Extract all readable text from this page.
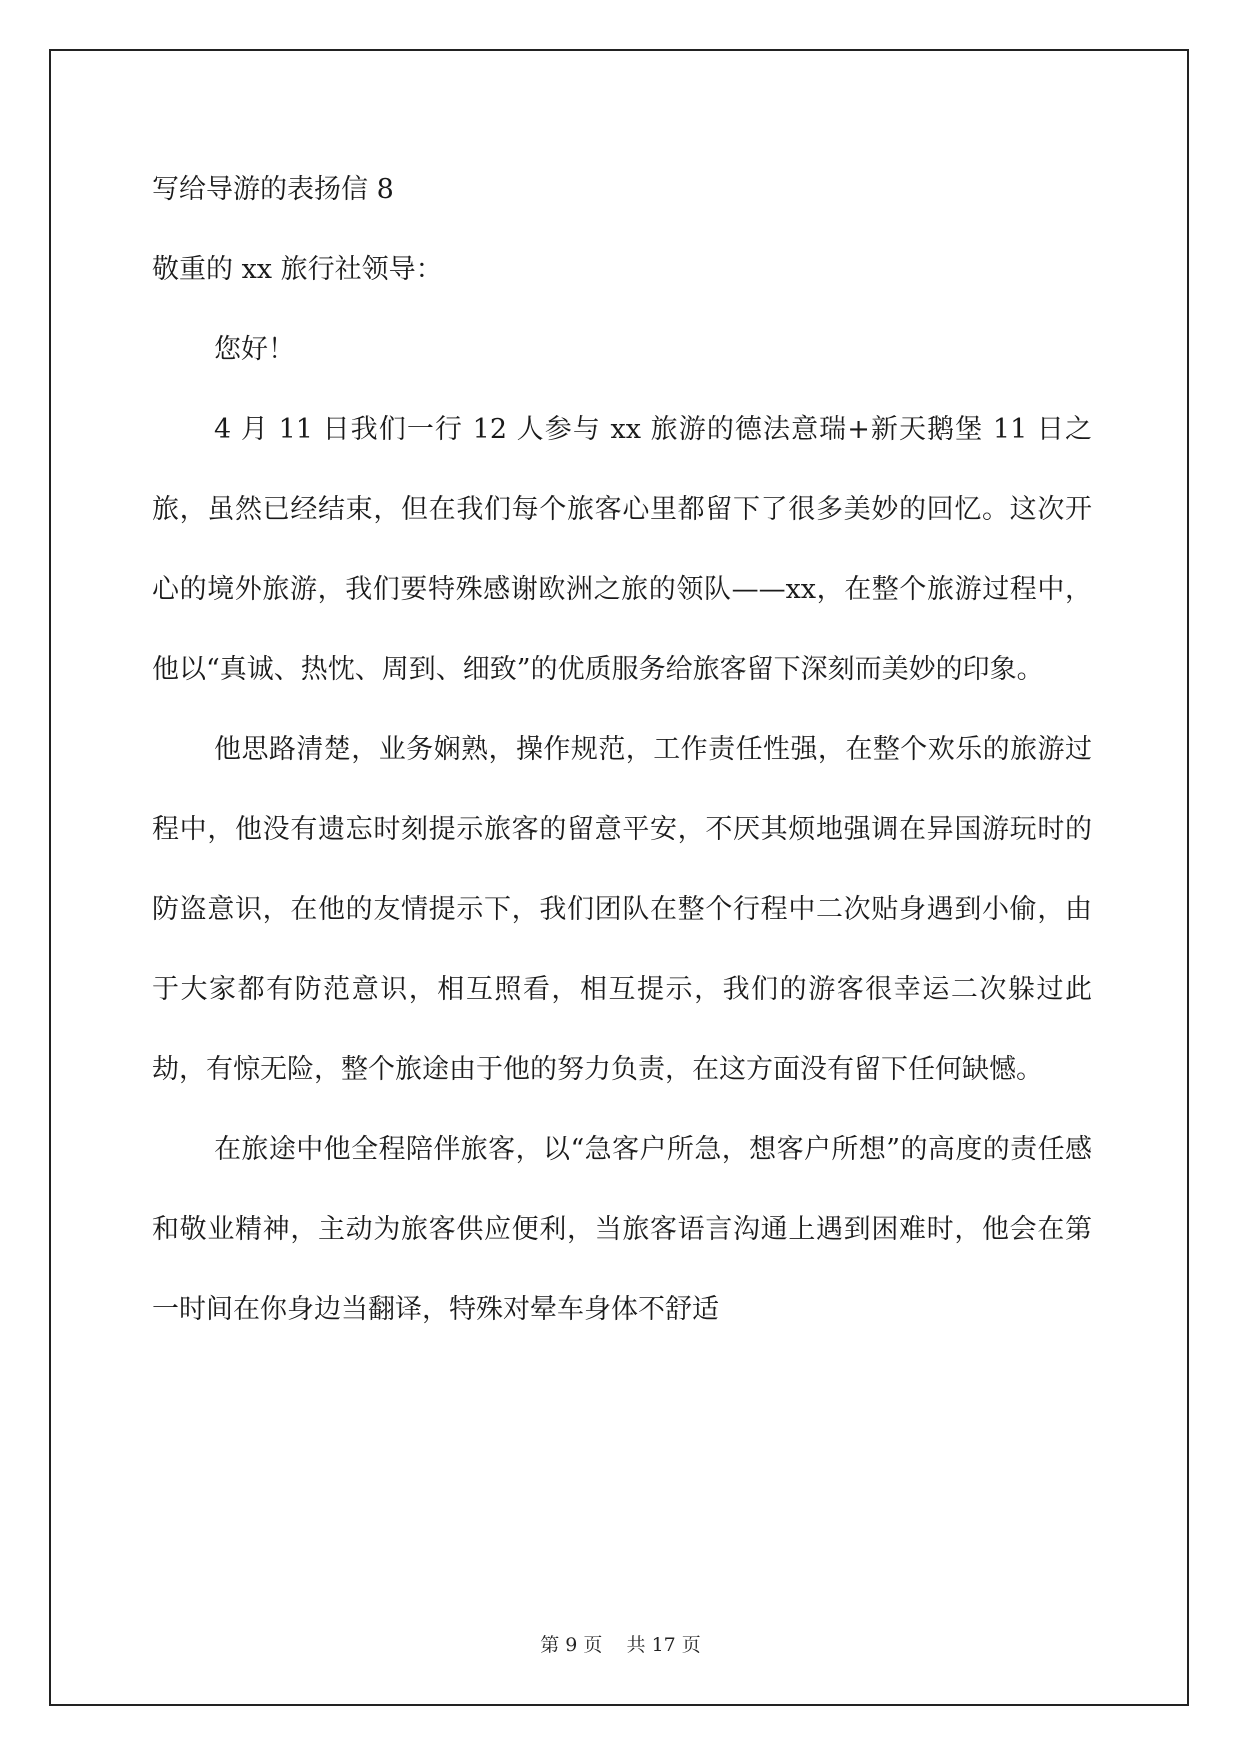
写给导游的表扬信 8

敬重的 xx 旅行社领导：

您好！

4 月 11 日我们一行 12 人参与 xx 旅游的德法意瑞+新天鹅堡 11 日之旅，虽然已经结束，但在我们每个旅客心里都留下了很多美妙的回忆。这次开心的境外旅游，我们要特殊感谢欧洲之旅的领队——xx，在整个旅游过程中，他以“真诚、热忱、周到、细致”的优质服务给旅客留下深刻而美妙的印象。

他思路清楚，业务娴熟，操作规范，工作责任性强，在整个欢乐的旅游过程中，他没有遗忘时刻提示旅客的留意平安，不厌其烦地强调在异国游玩时的防盗意识，在他的友情提示下，我们团队在整个行程中二次贴身遇到小偷，由于大家都有防范意识，相互照看，相互提示，我们的游客很幸运二次躲过此劫，有惊无险，整个旅途由于他的努力负责，在这方面没有留下任何缺憾。

在旅途中他全程陪伴旅客，以“急客户所急，想客户所想”的高度的责任感和敬业精神，主动为旅客供应便利，当旅客语言沟通上遇到困难时，他会在第一时间在你身边当翻译，特殊对晕车身体不舒适

第 9 页 共 17 页
